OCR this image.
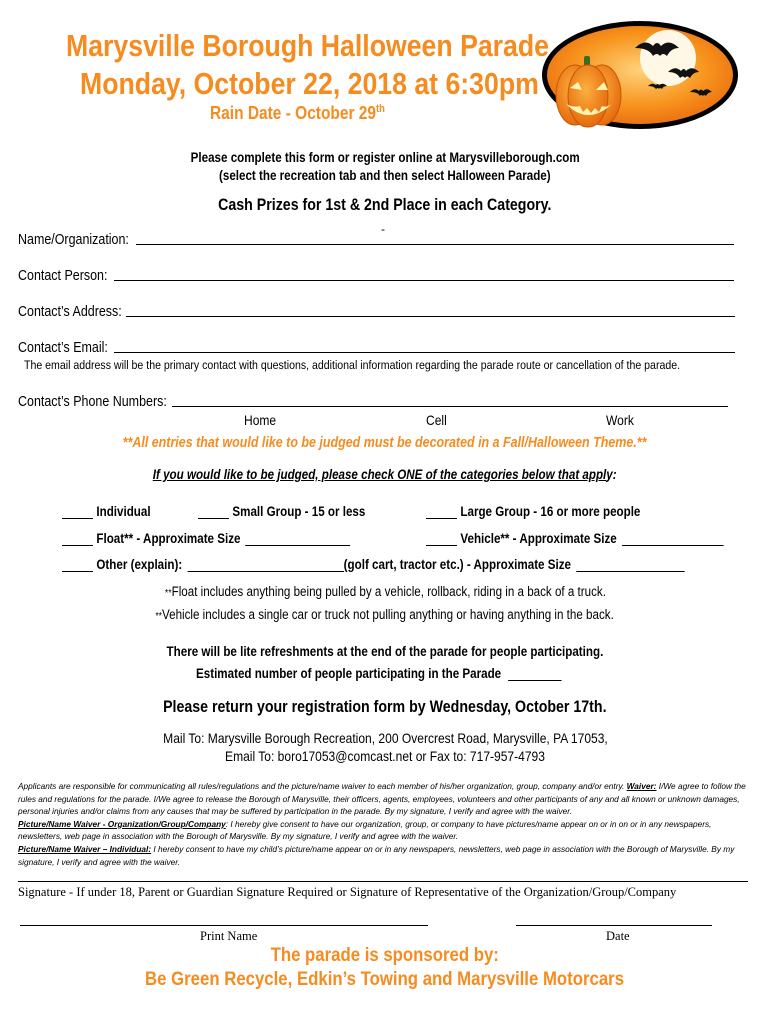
Marysville Borough Halloween Parade
Monday, October 22, 2018 at 6:30pm
Rain Date - October 29th
Please complete this form or register online at Marysvilleborough.com
(select the recreation tab and then select Halloween Parade)
Cash Prizes for 1st & 2nd Place in each Category.
-
Name/Organization:
Contact Person:
Contact’s Address:
Contact’s Email:
The email address will be the primary contact with questions, additional information regarding the parade route or cancellation of the parade.
Contact’s Phone Numbers:
Home	Cell	Work
**All entries that would like to be judged must be decorated in a Fall/Halloween Theme.**
If you would like to be judged, please check ONE of the categories below that apply:
Individual	Small Group - 15 or less	Large Group - 16 or more people
Float** - Approximate Size	Vehicle** - Approximate Size
Other (explain):	(golf cart, tractor etc.) - Approximate Size
**Float includes anything being pulled by a vehicle, rollback, riding in a back of a truck.
**Vehicle includes a single car or truck not pulling anything or having anything in the back.
There will be lite refreshments at the end of the parade for people participating.
Estimated number of people participating in the Parade
Please return your registration form by Wednesday, October 17th.
Mail To: Marysville Borough Recreation, 200 Overcrest Road, Marysville, PA 17053,
Email To: boro17053@comcast.net or Fax to: 717-957-4793
Applicants are responsible for communicating all rules/regulations and the picture/name waiver to each member of his/her organization, group, company and/or entry. Waiver: I/We agree to follow the rules and regulations for the parade. I/We agree to release the Borough of Marysville, their officers, agents, employees, volunteers and other participants of any and all known or unknown damages, personal injuries and/or claims from any causes that may be suffered by participation in the parade. By my signature, I verify and agree with the waiver.
Picture/Name Waiver - Organization/Group/Company: I hereby give consent to have our organization, group, or company to have pictures/name appear on or in on or in any newspapers, newsletters, web page in association with the Borough of Marysville. By my signature, I verify and agree with the waiver.
Picture/Name Waiver – Individual: I hereby consent to have my child’s picture/name appear on or in any newspapers, newsletters, web page in association with the Borough of Marysville. By my signature, I verify and agree with the waiver.
Signature - If under 18, Parent or Guardian Signature Required or Signature of Representative of the Organization/Group/Company
Print Name	Date
The parade is sponsored by:
Be Green Recycle, Edkin’s Towing and Marysville Motorcars
